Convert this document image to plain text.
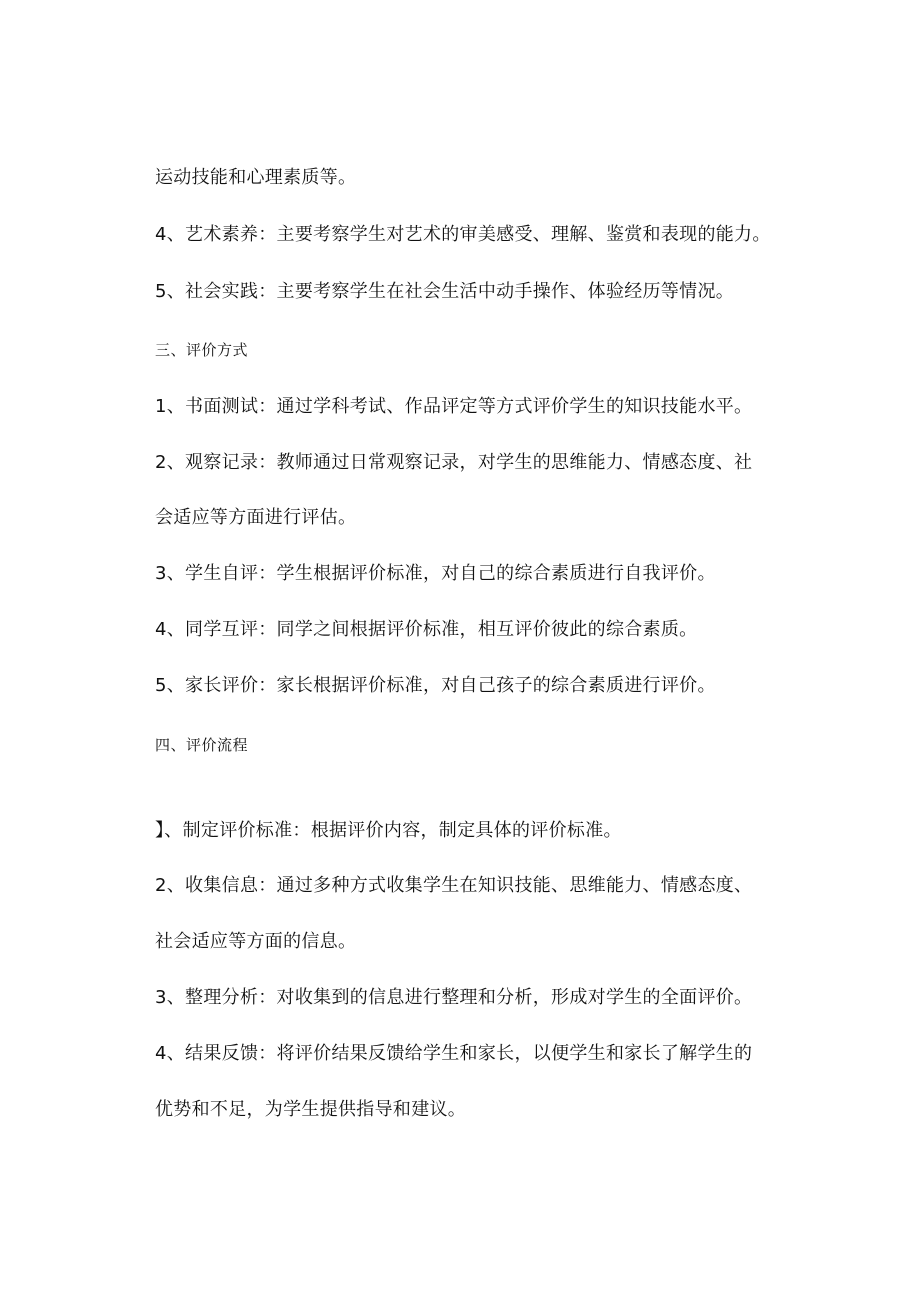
运动技能和心理素质等。
4、艺术素养：主要考察学生对艺术的审美感受、理解、鉴赏和表现的能力。
5、社会实践：主要考察学生在社会生活中动手操作、体验经历等情况。
三、评价方式
1、书面测试：通过学科考试、作品评定等方式评价学生的知识技能水平。
2、观察记录：教师通过日常观察记录，对学生的思维能力、情感态度、社
会适应等方面进行评估。
3、学生自评：学生根据评价标准，对自己的综合素质进行自我评价。
4、同学互评：同学之间根据评价标准，相互评价彼此的综合素质。
5、家长评价：家长根据评价标准，对自己孩子的综合素质进行评价。
四、评价流程
】、制定评价标准：根据评价内容，制定具体的评价标准。
2、收集信息：通过多种方式收集学生在知识技能、思维能力、情感态度、
社会适应等方面的信息。
3、整理分析：对收集到的信息进行整理和分析，形成对学生的全面评价。
4、结果反馈：将评价结果反馈给学生和家长，以便学生和家长了解学生的
优势和不足，为学生提供指导和建议。
